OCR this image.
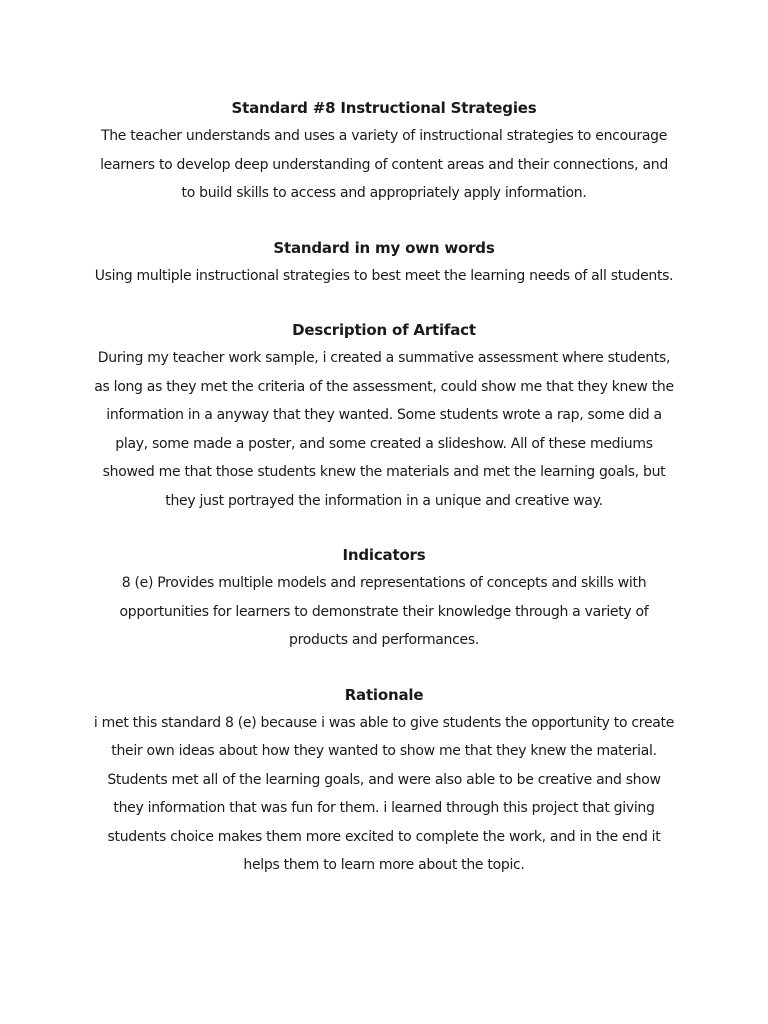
Standard #8 Instructional Strategies

The teacher understands and uses a variety of instructional strategies to encourage learners to develop deep understanding of content areas and their connections, and to build skills to access and appropriately apply information.

Standard in my own words

Using multiple instructional strategies to best meet the learning needs of all students.

Description of Artifact

During my teacher work sample, i created a summative assessment where students, as long as they met the criteria of the assessment, could show me that they knew the information in a anyway that they wanted. Some students wrote a rap, some did a play, some made a poster, and some created a slideshow. All of these mediums showed me that those students knew the materials and met the learning goals, but they just portrayed the information in a unique and creative way.

Indicators

8 (e) Provides multiple models and representations of concepts and skills with opportunities for learners to demonstrate their knowledge through a variety of products and performances.

Rationale

i met this standard 8 (e) because i was able to give students the opportunity to create their own ideas about how they wanted to show me that they knew the material. Students met all of the learning goals, and were also able to be creative and show they information that was fun for them. i learned through this project that giving students choice makes them more excited to complete the work, and in the end it helps them to learn more about the topic.
